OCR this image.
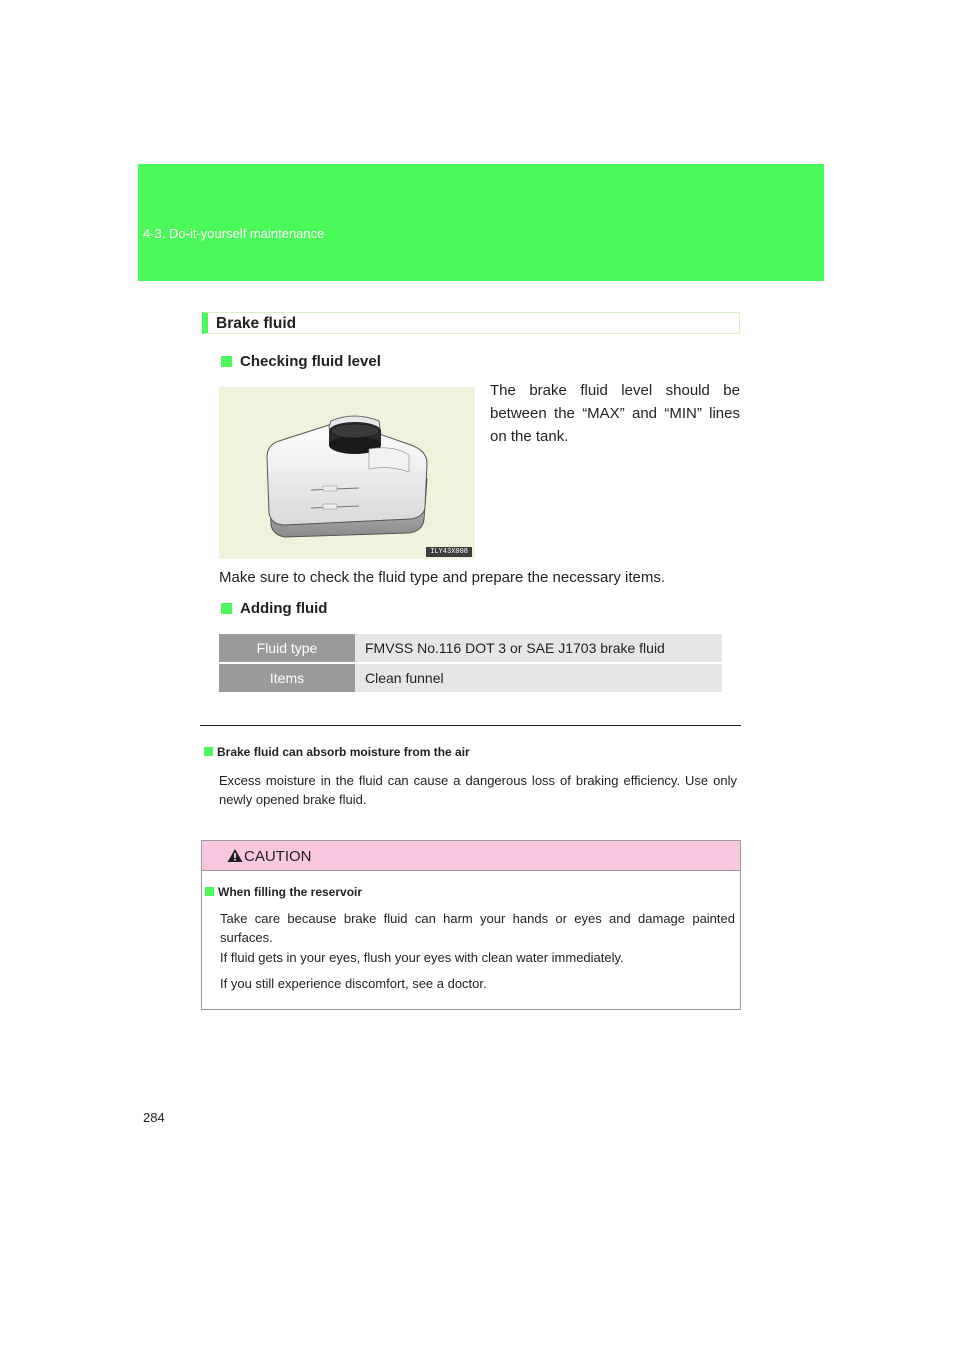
4-3. Do-it-yourself maintenance
Brake fluid
Checking fluid level
ILY43X008

The brake fluid level should be between the “MAX” and “MIN” lines on the tank.

Make sure to check the fluid type and prepare the necessary items.

Adding fluid
Fluid type	FMVSS No.116 DOT 3 or SAE J1703 brake fluid
Items	Clean funnel
Brake fluid can absorb moisture from the air

Excess moisture in the fluid can cause a dangerous loss of braking efficiency. Use only newly opened brake fluid.

CAUTION
When filling the reservoir

Take care because brake fluid can harm your hands or eyes and damage painted surfaces.

If fluid gets in your eyes, flush your eyes with clean water immediately.

If you still experience discomfort, see a doctor.

284
